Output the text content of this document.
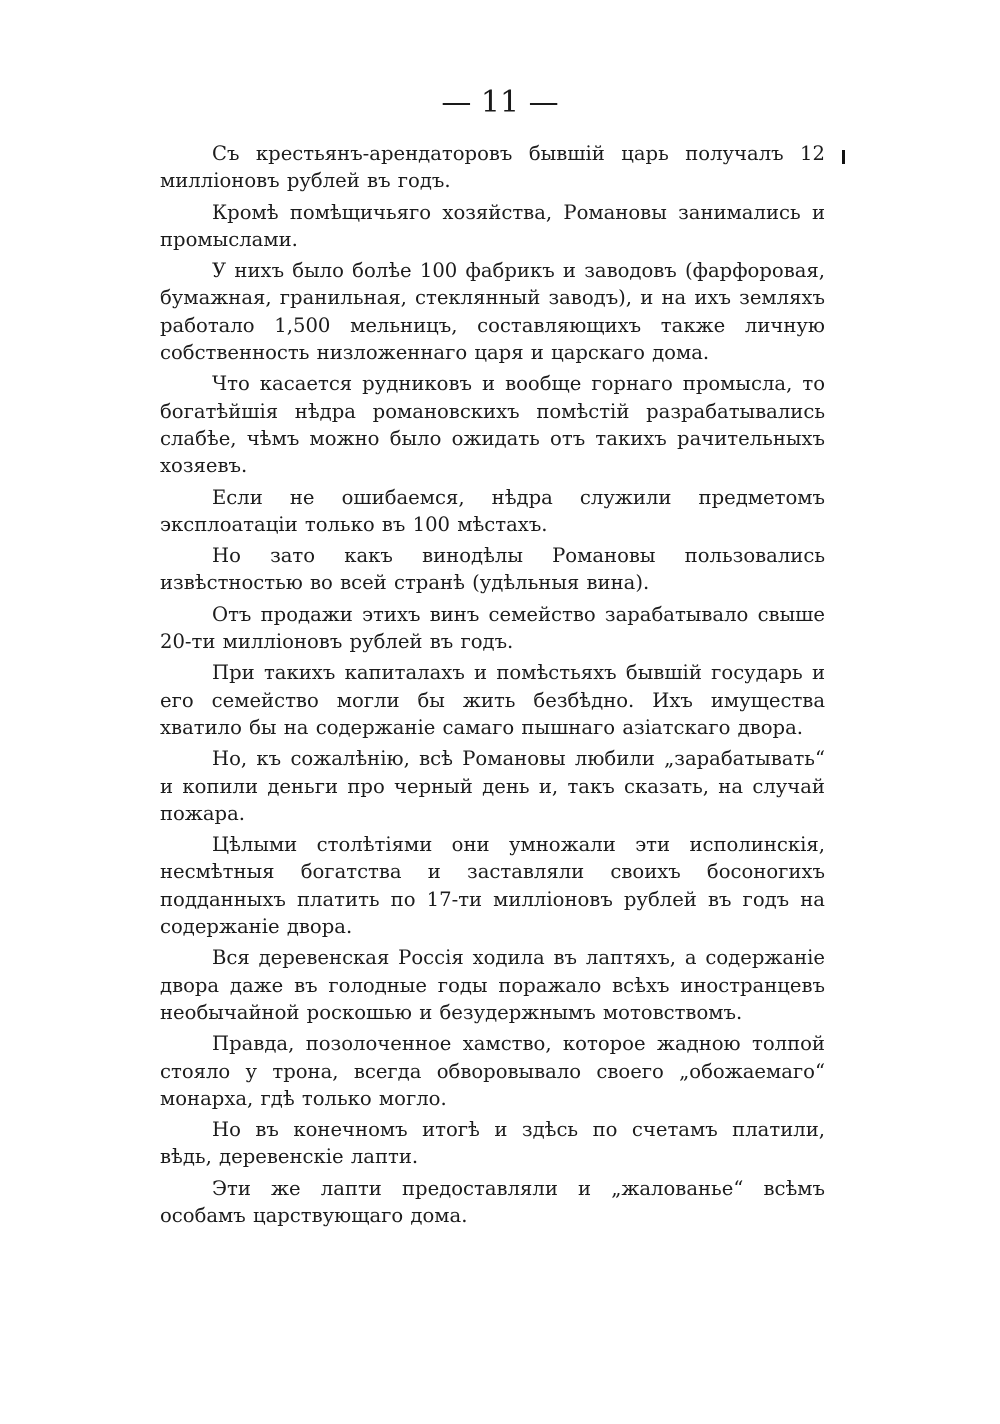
— 11 —

Съ крестьянъ-арендаторовъ бывшій царь получалъ 12 милліоновъ рублей въ годъ.

Кромѣ помѣщичьяго хозяйства, Романовы занимались и промыслами.

У нихъ было болѣе 100 фабрикъ и заводовъ (фарфоровая, бумажная, гранильная, стеклянный заводъ), и на ихъ земляхъ работало 1,500 мельницъ, составляющихъ также личную собственность низложеннаго царя и царскаго дома.

Что касается рудниковъ и вообще горнаго промысла, то богатѣйшія нѣдра романовскихъ помѣстій разрабатывались слабѣе, чѣмъ можно было ожидать отъ такихъ рачительныхъ хозяевъ.

Если не ошибаемся, нѣдра служили предметомъ эксплоатаціи только въ 100 мѣстахъ.

Но зато какъ винодѣлы Романовы пользовались извѣстностью во всей странѣ (удѣльныя вина).

Отъ продажи этихъ винъ семейство зарабатывало свыше 20-ти милліоновъ рублей въ годъ.

При такихъ капиталахъ и помѣстьяхъ бывшій государь и его семейство могли бы жить безбѣдно. Ихъ имущества хватило бы на содержаніе самаго пышнаго азіатскаго двора.

Но, къ сожалѣнію, всѣ Романовы любили „зарабатывать“ и копили деньги про черный день и, такъ сказать, на случай пожара.

Цѣлыми столѣтіями они умножали эти исполинскія, несмѣтныя богатства и заставляли своихъ босоногихъ подданныхъ платить по 17-ти милліоновъ рублей въ годъ на содержаніе двора.

Вся деревенская Россія ходила въ лаптяхъ, а содержаніе двора даже въ голодные годы поражало всѣхъ иностранцевъ необычайной роскошью и безудержнымъ мотовствомъ.

Правда, позолоченное хамство, которое жадною толпой стояло у трона, всегда обворовывало своего „обожаемаго“ монарха, гдѣ только могло.

Но въ конечномъ итогѣ и здѣсь по счетамъ платили, вѣдь, деревенскіе лапти.

Эти же лапти предоставляли и „жалованье“ всѣмъ особамъ царствующаго дома.
